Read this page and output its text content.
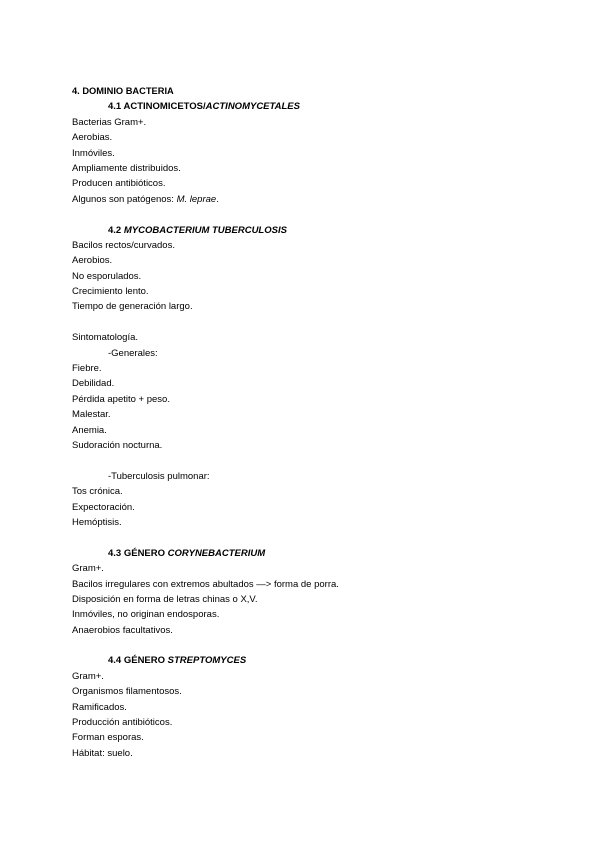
4. DOMINIO BACTERIA
4.1 ACTINOMICETOS/ACTINOMYCETALES
Bacterias Gram+.
Aerobias.
Inmóviles.
Ampliamente distribuidos.
Producen antibióticos.
Algunos son patógenos: M. leprae.
4.2 MYCOBACTERIUM TUBERCULOSIS
Bacilos rectos/curvados.
Aerobios.
No esporulados.
Crecimiento lento.
Tiempo de generación largo.
Sintomatología.
-Generales:
Fiebre.
Debilidad.
Pérdida apetito + peso.
Malestar.
Anemia.
Sudoración nocturna.
-Tuberculosis pulmonar:
Tos crónica.
Expectoración.
Hemóptisis.
4.3 GÉNERO CORYNEBACTERIUM
Gram+.
Bacilos irregulares con extremos abultados —> forma de porra.
Disposición en forma de letras chinas o X,V.
Inmóviles, no originan endosporas.
Anaerobios facultativos.
4.4 GÉNERO STREPTOMYCES
Gram+.
Organismos filamentosos.
Ramificados.
Producción antibióticos.
Forman esporas.
Hábitat: suelo.
